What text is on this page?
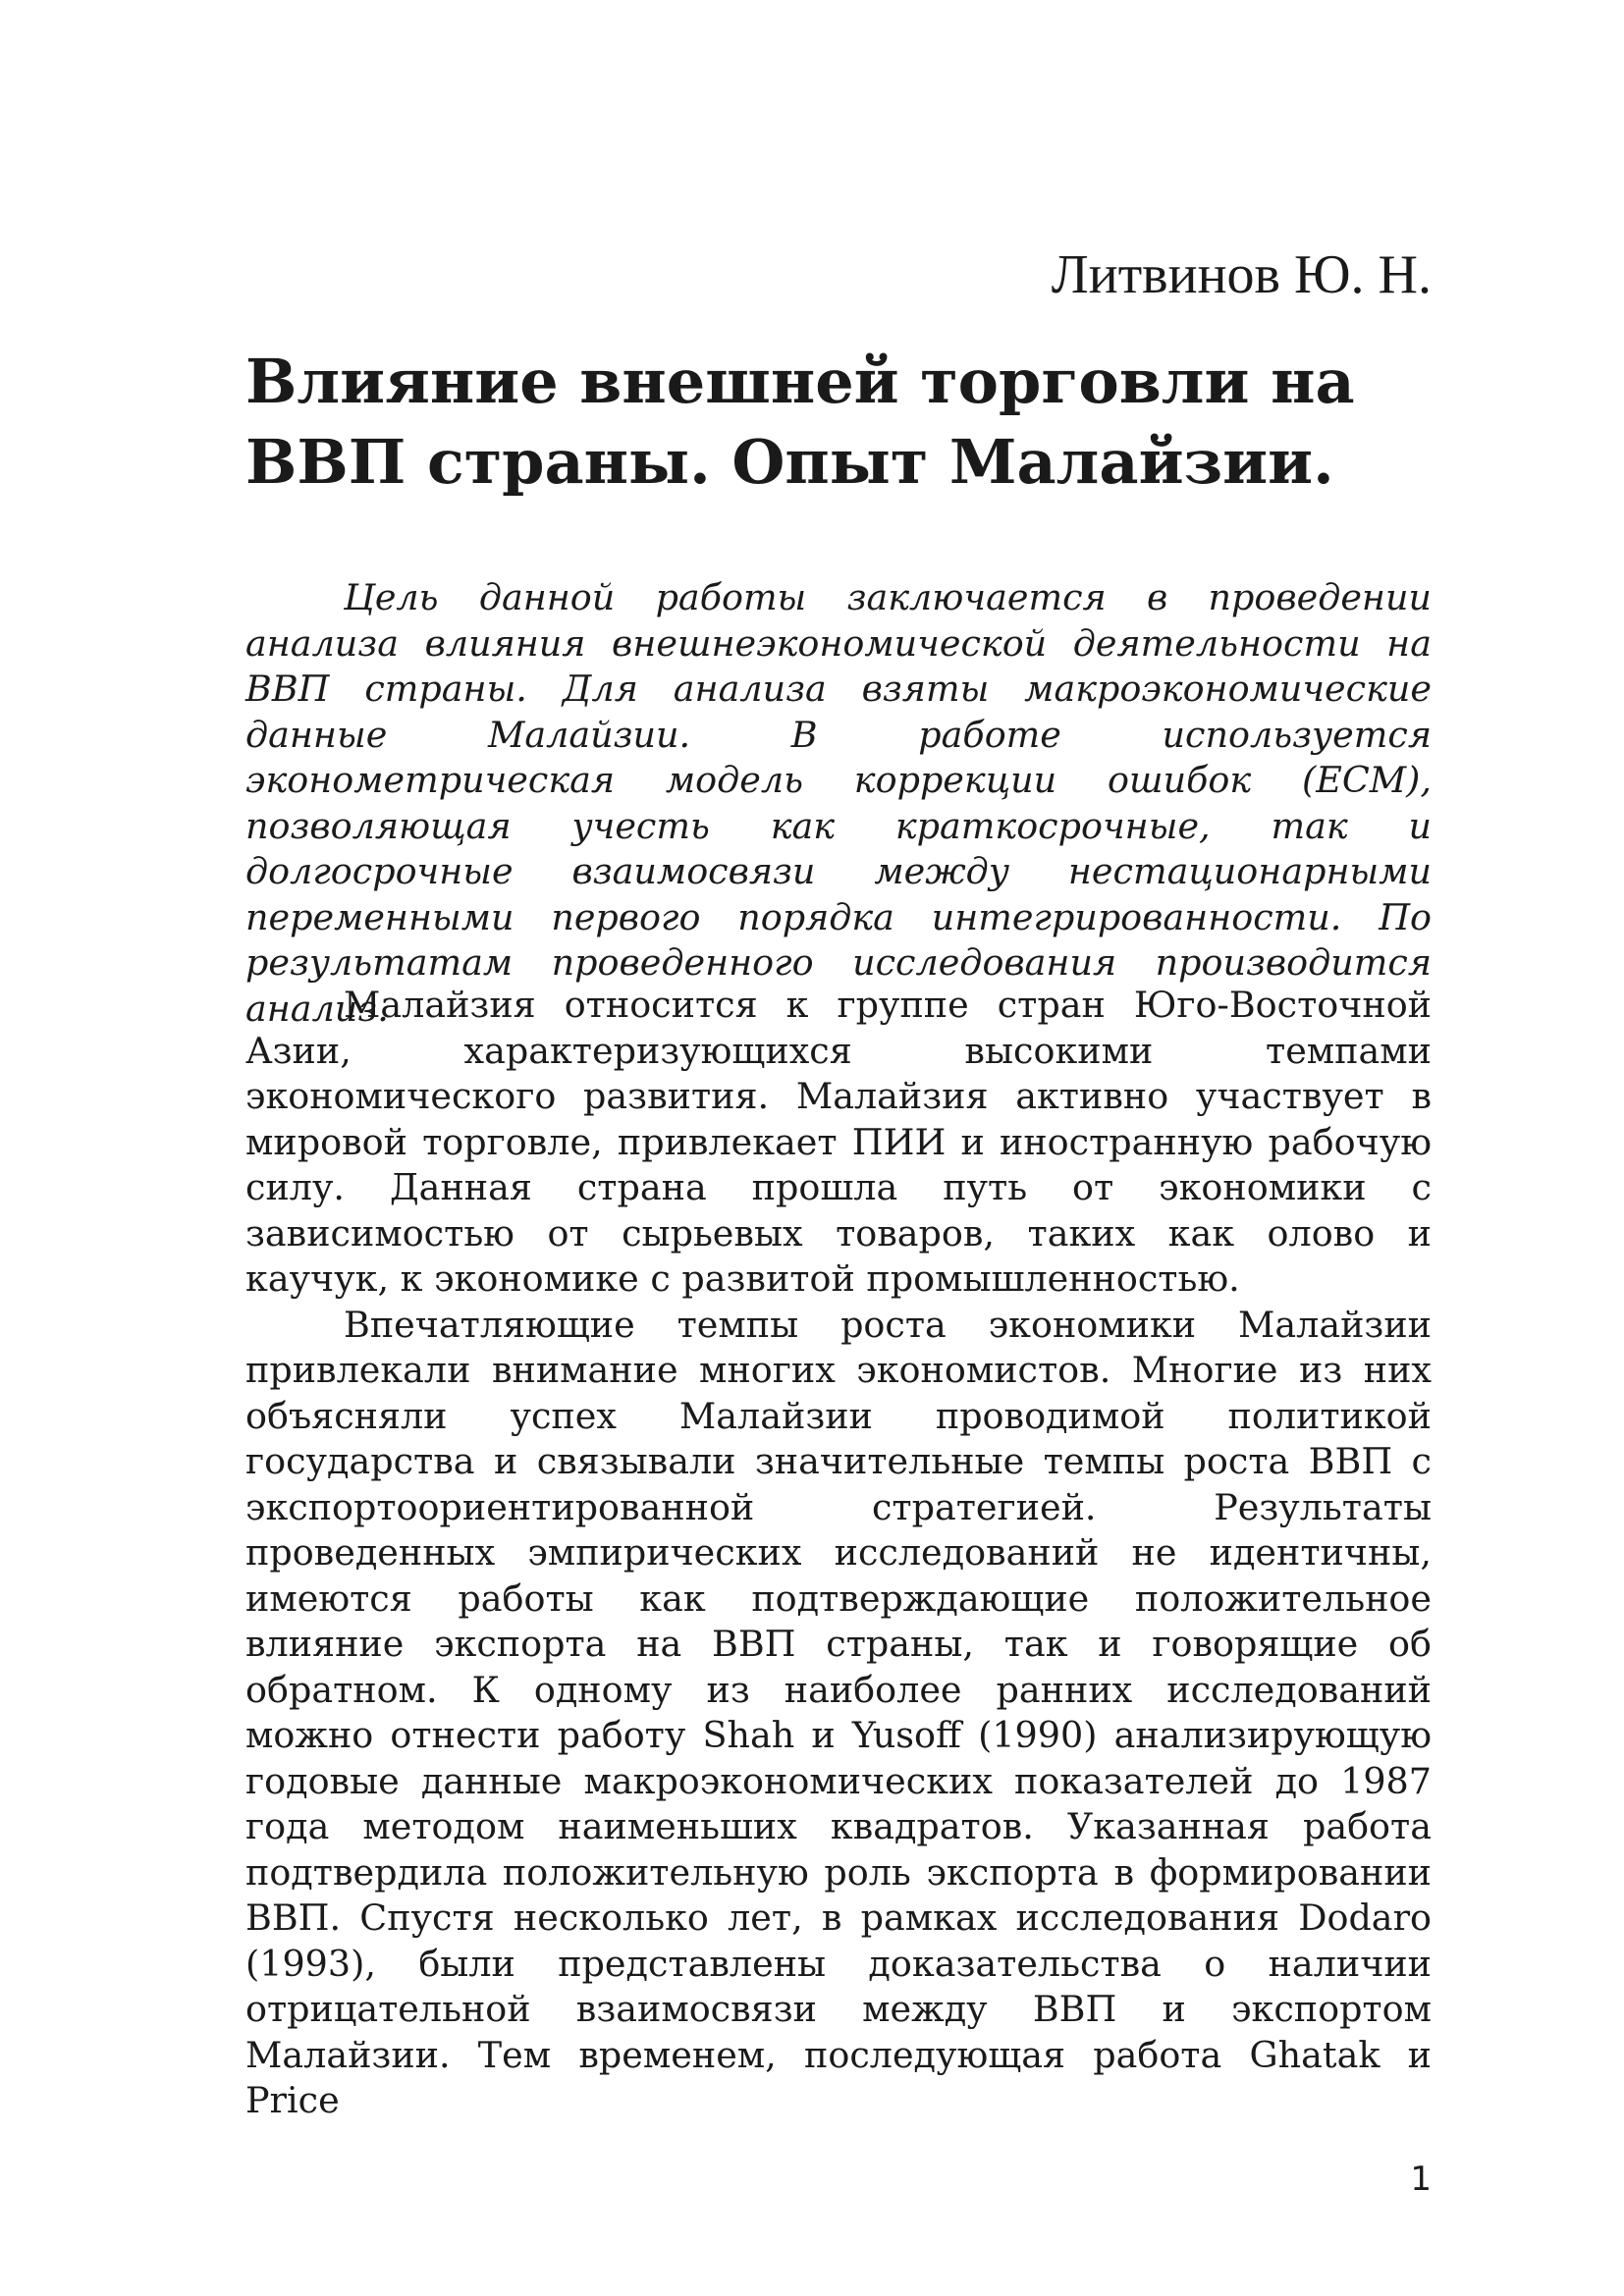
Литвинов Ю. Н.
Влияние внешней торговли на ВВП страны. Опыт Малайзии.

Цель данной работы заключается в проведении анализа влияния внешнеэкономической деятельности на ВВП страны. Для анализа взяты макроэкономические данные Малайзии. В работе используется эконометрическая модель коррекции ошибок (ECM), позволяющая учесть как краткосрочные, так и долгосрочные взаимосвязи между нестационарными переменными первого порядка интегрированности. По результатам проведенного исследования производится анализ.

Малайзия относится к группе стран Юго-Восточной Азии, характеризующихся высокими темпами экономического развития. Малайзия активно участвует в мировой торговле, привлекает ПИИ и иностранную рабочую силу. Данная страна прошла путь от экономики с зависимостью от сырьевых товаров, таких как олово и каучук, к экономике с развитой промышленностью.

Впечатляющие темпы роста экономики Малайзии привлекали внимание многих экономистов. Многие из них объясняли успех Малайзии проводимой политикой государства и связывали значительные темпы роста ВВП с экспортоориентированной стратегией. Результаты проведенных эмпирических исследований не идентичны, имеются работы как подтверждающие положительное влияние экспорта на ВВП страны, так и говорящие об обратном. К одному из наиболее ранних исследований можно отнести работу Shah и Yusoff (1990) анализирующую годовые данные макроэкономических показателей до 1987 года методом наименьших квадратов. Указанная работа подтвердила положительную роль экспорта в формировании ВВП. Спустя несколько лет, в рамках исследования Dodaro (1993), были представлены доказательства о наличии отрицательной взаимосвязи между ВВП и экспортом Малайзии. Тем временем, последующая работа Ghatak и Price

1
